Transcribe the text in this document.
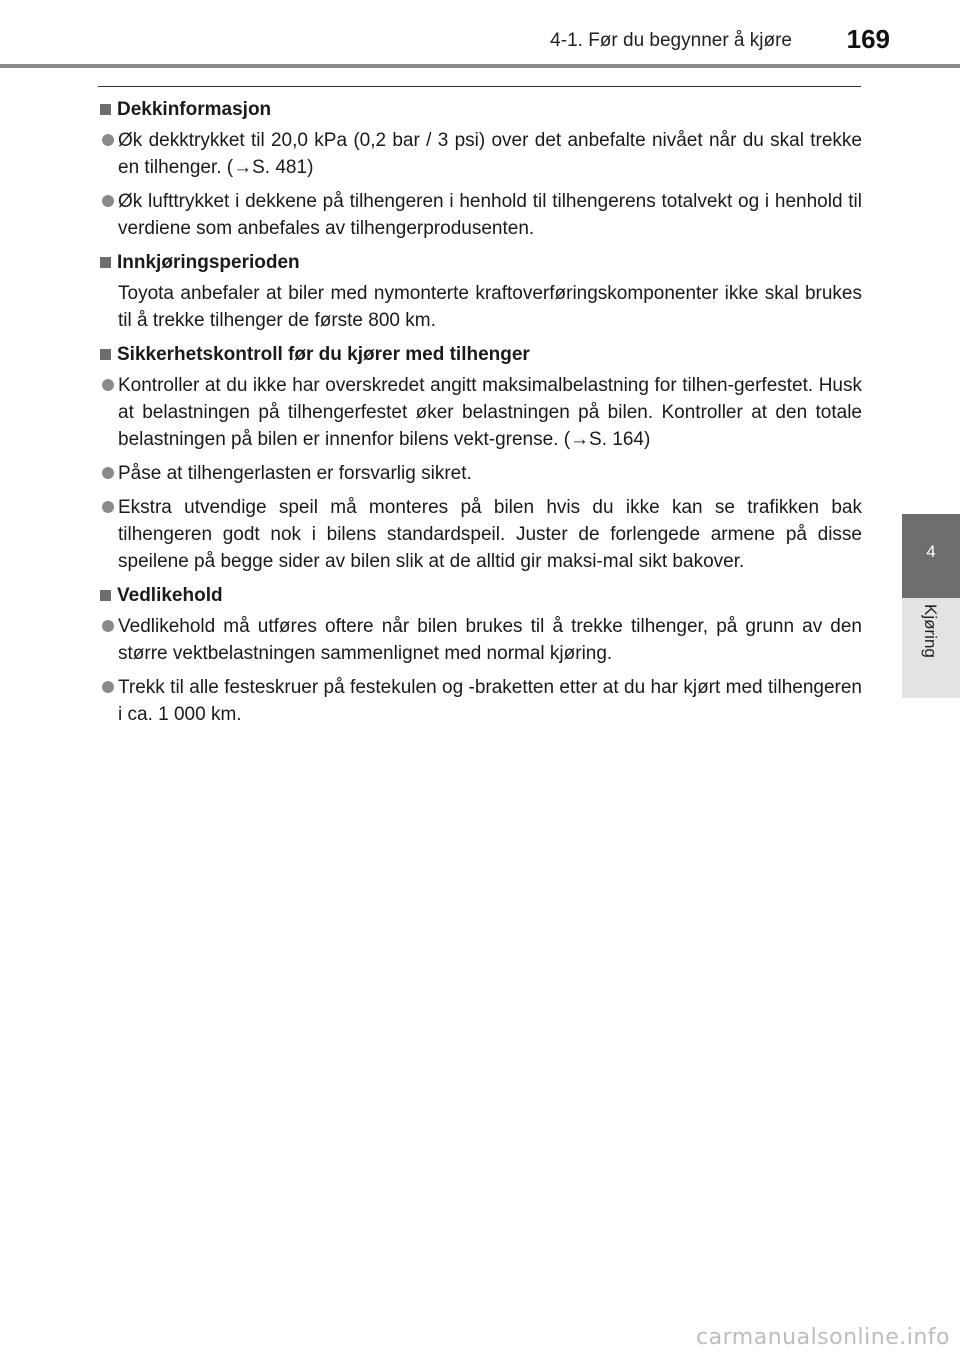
4-1. Før du begynner å kjøre 169
4
Kjøring
Dekkinformasjon
Øk dekktrykket til 20,0 kPa (0,2 bar / 3 psi) over det anbefalte nivået når du skal trekke en tilhenger. (→S. 481)
Øk lufttrykket i dekkene på tilhengeren i henhold til tilhengerens totalvekt og i henhold til verdiene som anbefales av tilhengerprodusenten.
Innkjøringsperioden
Toyota anbefaler at biler med nymonterte kraftoverføringskomponenter ikke skal brukes til å trekke tilhenger de første 800 km.
Sikkerhetskontroll før du kjører med tilhenger
Kontroller at du ikke har overskredet angitt maksimalbelastning for tilhen-gerfestet. Husk at belastningen på tilhengerfestet øker belastningen på bilen. Kontroller at den totale belastningen på bilen er innenfor bilens vekt-grense. (→S. 164)
Påse at tilhengerlasten er forsvarlig sikret.
Ekstra utvendige speil må monteres på bilen hvis du ikke kan se trafikken bak tilhengeren godt nok i bilens standardspeil. Juster de forlengede armene på disse speilene på begge sider av bilen slik at de alltid gir maksi-mal sikt bakover.
Vedlikehold
Vedlikehold må utføres oftere når bilen brukes til å trekke tilhenger, på grunn av den større vektbelastningen sammenlignet med normal kjøring.
Trekk til alle festeskruer på festekulen og -braketten etter at du har kjørt med tilhengeren i ca. 1 000 km.
carmanualsonline.info
